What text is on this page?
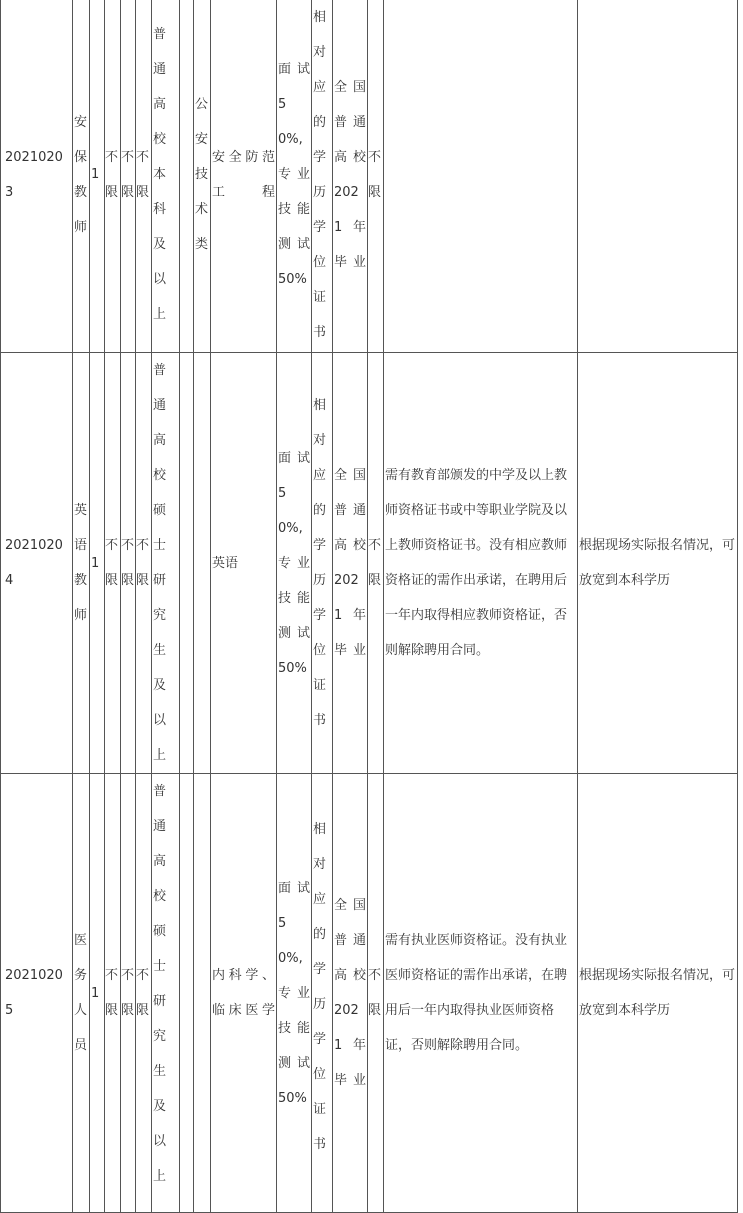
20210203	安保教师	1	不限	不限	不限	普通高校本科及以上		公安技术类	安全防范工程	面试50%,专业技能测试50%	相对应的学历学位证书	全国普通高校2021年毕业	不限		
20210204	英语教师	1	不限	不限	不限	普通高校硕士研究生及以上			英语	面试50%,专业技能测试50%	相对应的学历学位证书	全国普通高校2021年毕业	不限	需有教育部颁发的中学及以上教师资格证书或中等职业学院及以上教师资格证书。没有相应教师资格证的需作出承诺，在聘用后一年内取得相应教师资格证，否则解除聘用合同。	根据现场实际报名情况，可放宽到本科学历
20210205	医务人员	1	不限	不限	不限	普通高校硕士研究生及以上			内科学、临床医学	面试50%,专业技能测试50%	相对应的学历学位证书	全国普通高校2021年毕业	不限	需有执业医师资格证。没有执业医师资格证的需作出承诺，在聘用后一年内取得执业医师资格证，否则解除聘用合同。	根据现场实际报名情况，可放宽到本科学历
